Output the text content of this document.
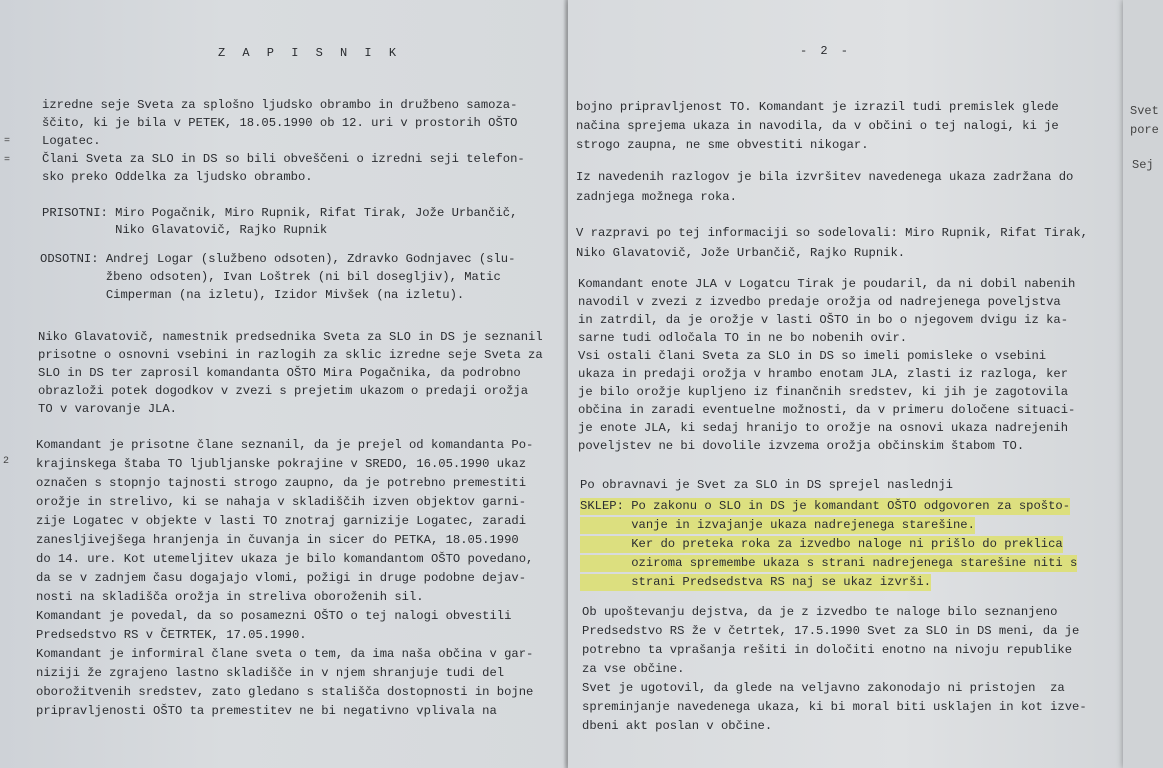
Z A P I S N I K
izredne seje Sveta za splošno ljudsko obrambo in družbeno samoza-
ščito, ki je bila v PETEK, 18.05.1990 ob 12. uri v prostorih OŠTO
Logatec.
Člani Sveta za SLO in DS so bili obveščeni o izredni seji telefon-
sko preko Oddelka za ljudsko obrambo.
PRISOTNI: Miro Pogačnik, Miro Rupnik, Rifat Tirak, Jože Urbančič,
Niko Glavatovič, Rajko Rupnik
ODSOTNI: Andrej Logar (službeno odsoten), Zdravko Godnjavec (slu-
žbeno odsoten), Ivan Loštrek (ni bil dosegljiv), Matic
Cimperman (na izletu), Izidor Mivšek (na izletu).
Niko Glavatovič, namestnik predsednika Sveta za SLO in DS je seznanil
prisotne o osnovni vsebini in razlogih za sklic izredne seje Sveta za
SLO in DS ter zaprosil komandanta OŠTO Mira Pogačnika, da podrobno
obrazloži potek dogodkov v zvezi s prejetim ukazom o predaji orožja
TO v varovanje JLA.
Komandant je prisotne člane seznanil, da je prejel od komandanta Po-
krajinskega štaba TO ljubljanske pokrajine v SREDO, 16.05.1990 ukaz
označen s stopnjo tajnosti strogo zaupno, da je potrebno premestiti
orožje in strelivo, ki se nahaja v skladiščih izven objektov garni-
zije Logatec v objekte v lasti TO znotraj garnizije Logatec, zaradi
zanesljivejšega hranjenja in čuvanja in sicer do PETKA, 18.05.1990
do 14. ure. Kot utemeljitev ukaza je bilo komandantom OŠTO povedano,
da se v zadnjem času dogajajo vlomi, požigi in druge podobne dejav-
nosti na skladišča orožja in streliva oboroženih sil.
Komandant je povedal, da so posamezni OŠTO o tej nalogi obvestili
Predsedstvo RS v ČETRTEK, 17.05.1990.
Komandant je informiral člane sveta o tem, da ima naša občina v gar-
niziji že zgrajeno lastno skladišče in v njem shranjuje tudi del
oborožitvenih sredstev, zato gledano s stališča dostopnosti in bojne
pripravljenosti OŠTO ta premestitev ne bi negativno vplivala na
- 2 -
bojno pripravljenost TO. Komandant je izrazil tudi premislek glede
načina sprejema ukaza in navodila, da v občini o tej nalogi, ki je
strogo zaupna, ne sme obvestiti nikogar.
Iz navedenih razlogov je bila izvršitev navedenega ukaza zadržana do
zadnjega možnega roka.
V razpravi po tej informaciji so sodelovali: Miro Rupnik, Rifat Tirak,
Niko Glavatovič, Jože Urbančič, Rajko Rupnik.
Komandant enote JLA v Logatcu Tirak je poudaril, da ni dobil nabenih
navodil v zvezi z izvedbo predaje orožja od nadrejenega poveljstva
in zatrdil, da je orožje v lasti OŠTO in bo o njegovem dvigu iz ka-
sarne tudi odločala TO in ne bo nobenih ovir.
Vsi ostali člani Sveta za SLO in DS so imeli pomisleke o vsebini
ukaza in predaji orožja v hrambo enotam JLA, zlasti iz razloga, ker
je bilo orožje kupljeno iz finančnih sredstev, ki jih je zagotovila
občina in zaradi eventuelne možnosti, da v primeru določene situaci-
je enote JLA, ki sedaj hranijo to orožje na osnovi ukaza nadrejenih
poveljstev ne bi dovolile izvzema orožja občinskim štabom TO.
Po obravnavi je Svet za SLO in DS sprejel naslednji
SKLEP: Po zakonu o SLO in DS je komandant OŠTO odgovoren za spošto-
vanje in izvajanje ukaza nadrejenega starešine.
Ker do preteka roka za izvedbo naloge ni prišlo do preklica
oziroma spremembe ukaza s strani nadrejenega starešine niti s
strani Predsedstva RS naj se ukaz izvrši.
Ob upoštevanju dejstva, da je z izvedbo te naloge bilo seznanjeno
Predsedstvo RS že v četrtek, 17.5.1990 Svet za SLO in DS meni, da je
potrebno ta vprašanja rešiti in določiti enotno na nivoju republike
za vse občine.
Svet je ugotovil, da glede na veljavno zakonodajo ni pristojen  za
spreminjanje navedenega ukaza, ki bi moral biti usklajen in kot izve-
dbeni akt poslan v občine.
Svet
pore
Sej
=
=
2
